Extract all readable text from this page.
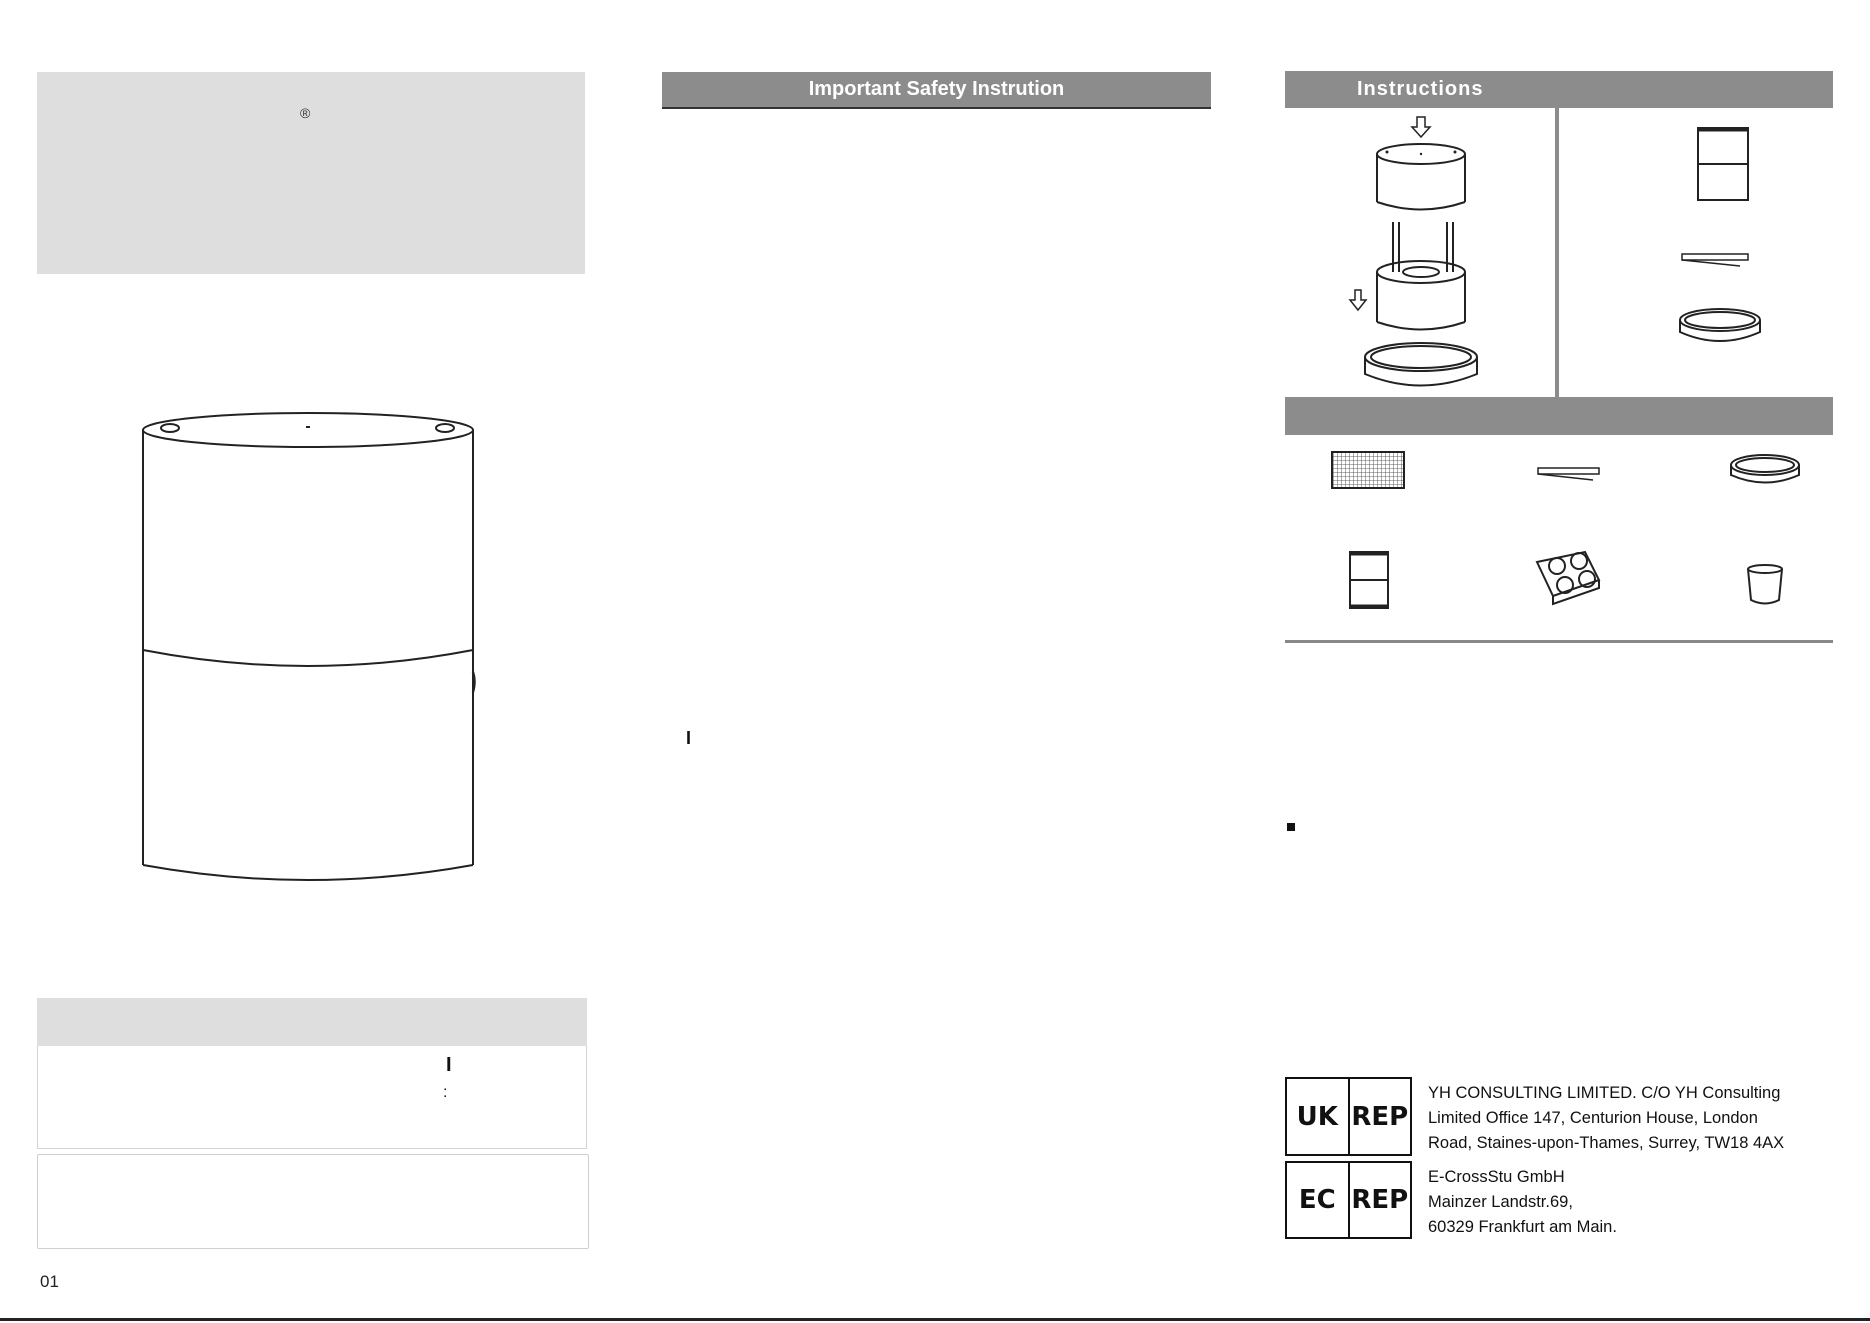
®
I
:
01
Important Safety Instrution
I
Instructions
UK REP
YH CONSULTING LIMITED. C/O YH Consulting
Limited Office 147, Centurion House, London
Road, Staines-upon-Thames, Surrey, TW18 4AX
EC REP
E-CrossStu GmbH
Mainzer Landstr.69,
60329 Frankfurt am Main.
